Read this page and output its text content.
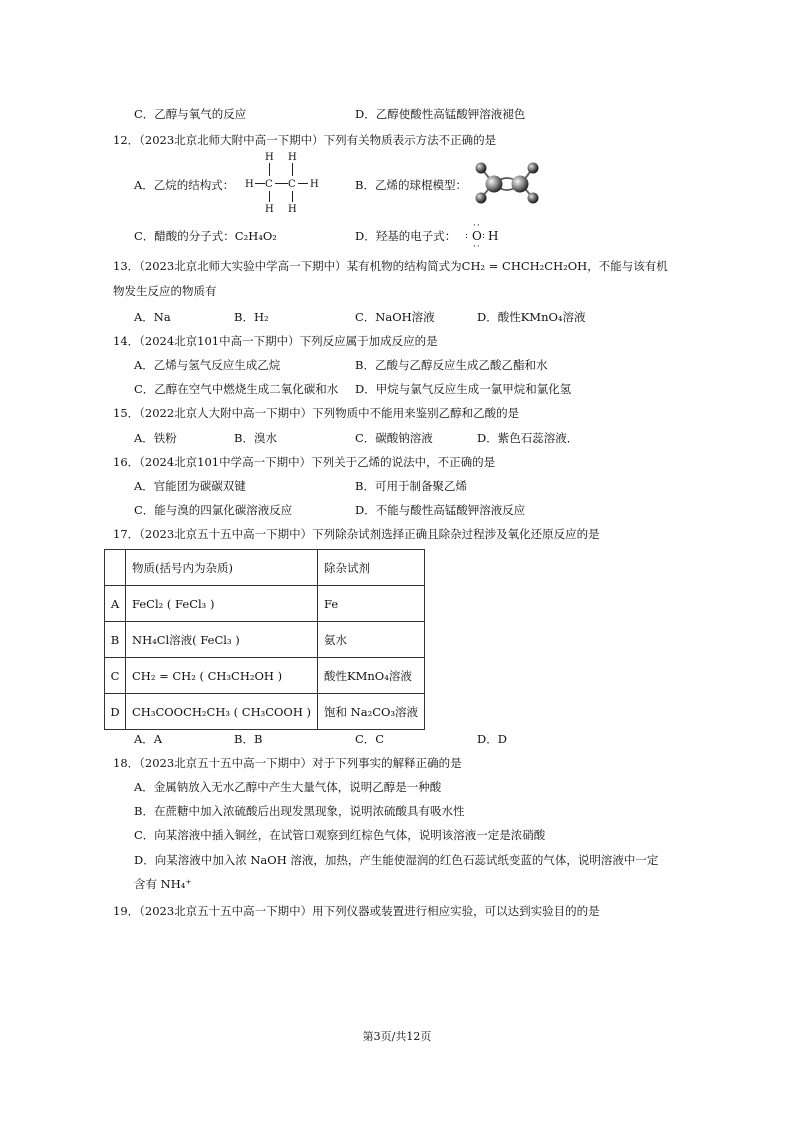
C．乙醇与氧气的反应	D．乙醇使酸性高锰酸钾溶液褪色
12．（2023北京北师大附中高一下期中）下列有关物质表示方法不正确的是
A．乙烷的结构式：
H H
H C C H
H H
B．乙烯的球棍模型：
C．醋酸的分子式：C₂H₄O₂	D．羟基的电子式：
··
: O : H
··
13．（2023北京北师大实验中学高一下期中）某有机物的结构简式为CH₂ = CHCH₂CH₂OH，不能与该有机
物发生反应的物质有
A．Na	B．H₂	C．NaOH溶液	D．酸性KMnO₄溶液
14．（2024北京101中高一下期中）下列反应属于加成反应的是
A．乙烯与氢气反应生成乙烷	B．乙酸与乙醇反应生成乙酸乙酯和水
C．乙醇在空气中燃烧生成二氧化碳和水 D．甲烷与氯气反应生成一氯甲烷和氯化氢
15．（2022北京人大附中高一下期中）下列物质中不能用来鉴别乙醇和乙酸的是
A．铁粉	B．溴水	C．碳酸钠溶液	D．紫色石蕊溶液．
16．（2024北京101中学高一下期中）下列关于乙烯的说法中，不正确的是
A．官能团为碳碳双键	B．可用于制备聚乙烯
C．能与溴的四氯化碳溶液反应	D．不能与酸性高锰酸钾溶液反应
17．（2023北京五十五中高一下期中）下列除杂试剂选择正确且除杂过程涉及氧化还原反应的是
	物质(括号内为杂质)	除杂试剂
A	FeCl₂ ( FeCl₃ )	Fe
B	NH₄Cl溶液( FeCl₃ )	氨水
C	CH₂ = CH₂ ( CH₃CH₂OH )	酸性KMnO₄溶液
D	CH₃COOCH₂CH₃ ( CH₃COOH )	饱和 Na₂CO₃溶液
A．A	B．B	C．C	D．D
18．（2023北京五十五中高一下期中）对于下列事实的解释正确的是
A．金属钠放入无水乙醇中产生大量气体，说明乙醇是一种酸
B．在蔗糖中加入浓硫酸后出现发黑现象，说明浓硫酸具有吸水性
C．向某溶液中插入铜丝，在试管口观察到红棕色气体，说明该溶液一定是浓硝酸
D．向某溶液中加入浓 NaOH 溶液，加热，产生能使湿润的红色石蕊试纸变蓝的气体，说明溶液中一定
含有 NH₄⁺
19．（2023北京五十五中高一下期中）用下列仪器或装置进行相应实验，可以达到实验目的的是
第3页/共12页
